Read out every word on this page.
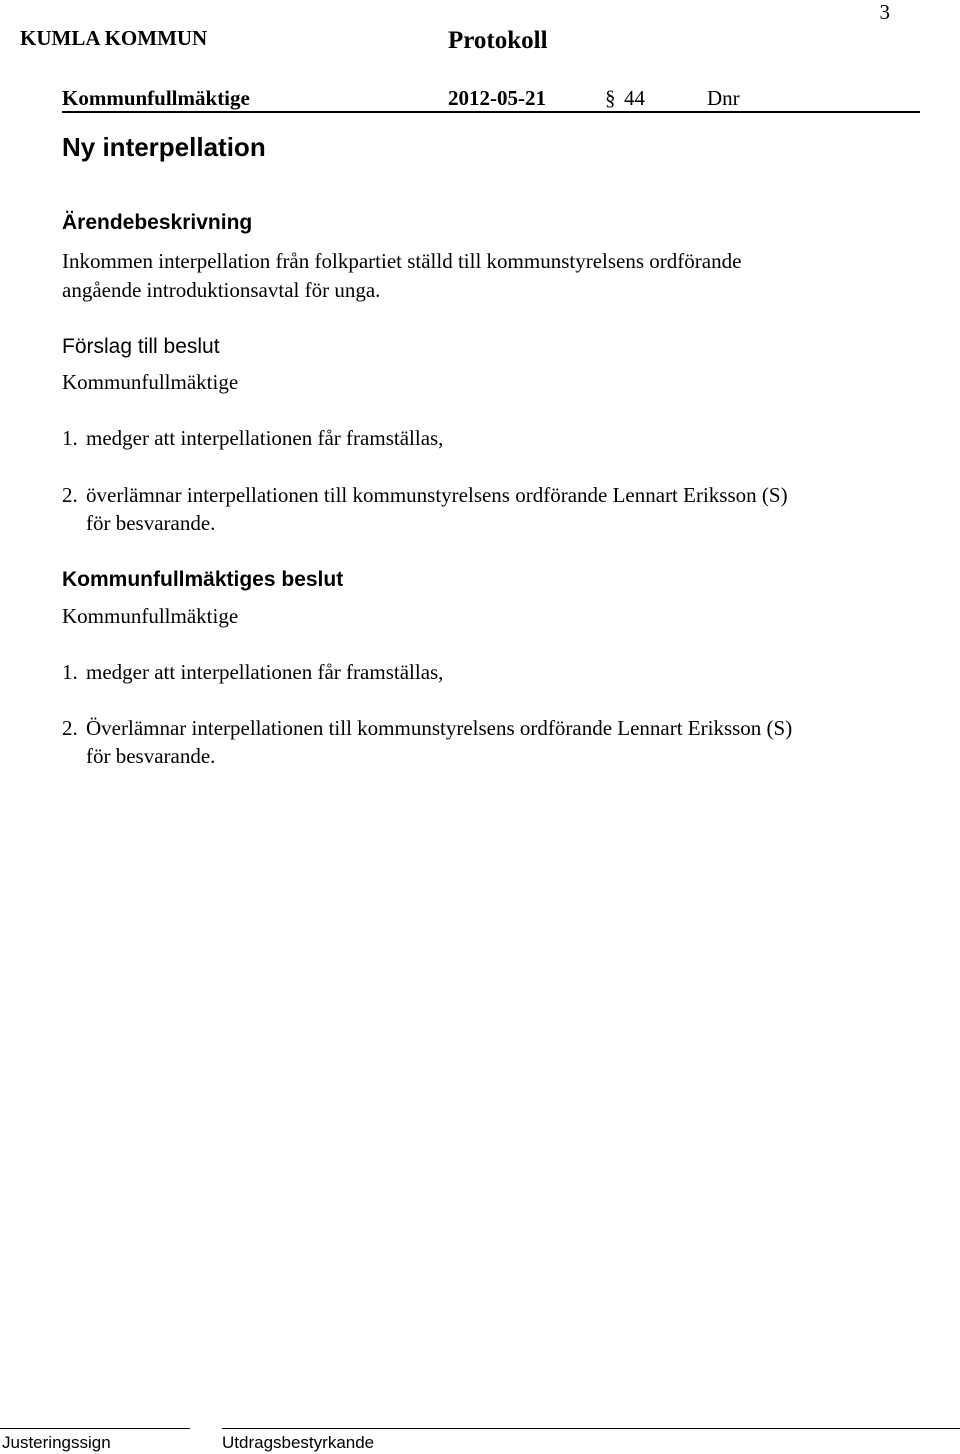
3
KUMLA KOMMUN	Protokoll
Kommunfullmäktige	2012-05-21	§ 44	Dnr
Ny interpellation
Ärendebeskrivning
Inkommen interpellation från folkpartiet ställd till kommunstyrelsens ordförande
angående introduktionsavtal för unga.
Förslag till beslut
Kommunfullmäktige
1. medger att interpellationen får framställas,
2. överlämnar interpellationen till kommunstyrelsens ordförande Lennart Eriksson (S)
för besvarande.
Kommunfullmäktiges beslut
Kommunfullmäktige
1. medger att interpellationen får framställas,
2. Överlämnar interpellationen till kommunstyrelsens ordförande Lennart Eriksson (S)
för besvarande.
Justeringssign	Utdragsbestyrkande
